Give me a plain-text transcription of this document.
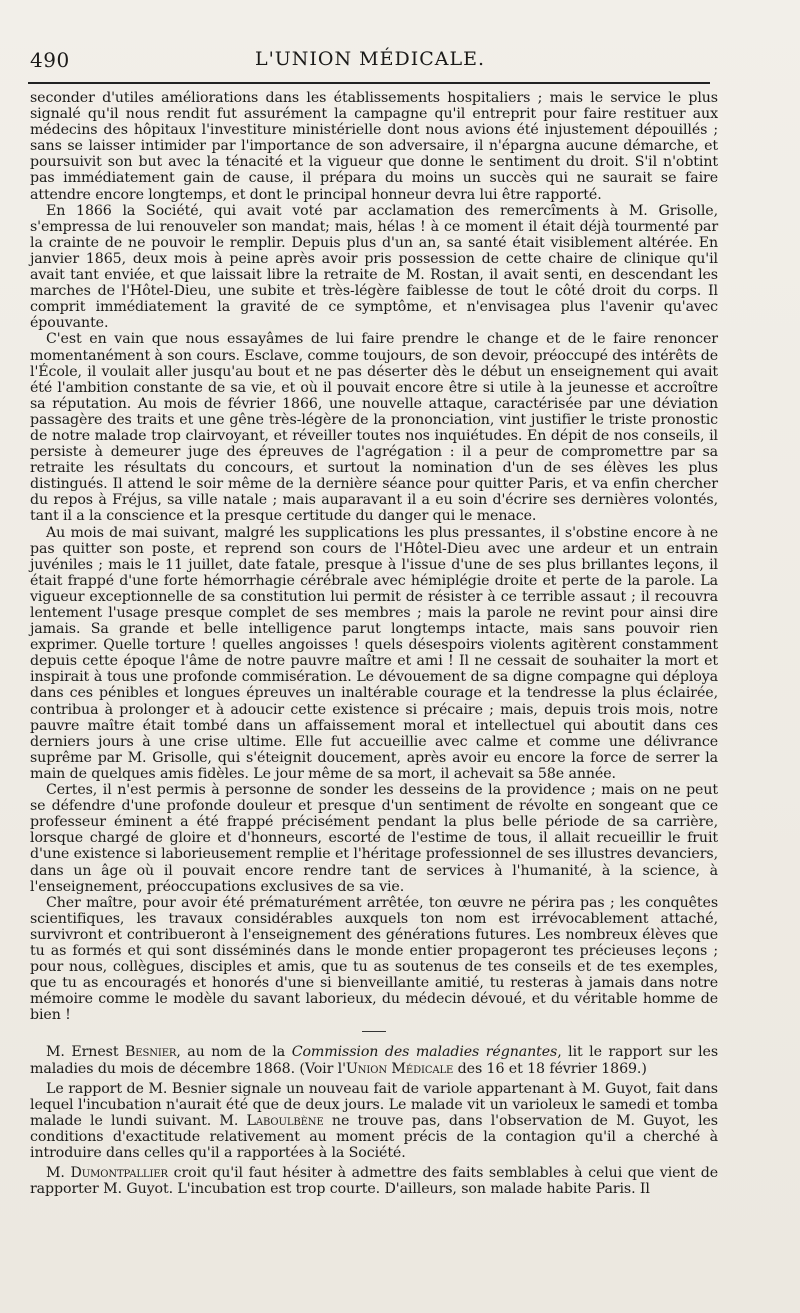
490	L'UNION MÉDICALE.

seconder d'utiles améliorations dans les établissements hospitaliers ; mais le service le plus signalé qu'il nous rendit fut assurément la campagne qu'il entreprit pour faire restituer aux médecins des hôpitaux l'investiture ministérielle dont nous avions été injustement dépouillés ; sans se laisser intimider par l'importance de son adversaire, il n'épargna aucune démarche, et poursuivit son but avec la ténacité et la vigueur que donne le sentiment du droit. S'il n'obtint pas immédiatement gain de cause, il prépara du moins un succès qui ne saurait se faire attendre encore longtemps, et dont le principal honneur devra lui être rapporté.

En 1866 la Société, qui avait voté par acclamation des remercîments à M. Grisolle, s'empressa de lui renouveler son mandat; mais, hélas ! à ce moment il était déjà tourmenté par la crainte de ne pouvoir le remplir. Depuis plus d'un an, sa santé était visiblement altérée. En janvier 1865, deux mois à peine après avoir pris possession de cette chaire de clinique qu'il avait tant enviée, et que laissait libre la retraite de M. Rostan, il avait senti, en descendant les marches de l'Hôtel-Dieu, une subite et très-légère faiblesse de tout le côté droit du corps. Il comprit immédiatement la gravité de ce symptôme, et n'envisagea plus l'avenir qu'avec épouvante.

C'est en vain que nous essayâmes de lui faire prendre le change et de le faire renoncer momentanément à son cours. Esclave, comme toujours, de son devoir, préoccupé des intérêts de l'École, il voulait aller jusqu'au bout et ne pas déserter dès le début un enseignement qui avait été l'ambition constante de sa vie, et où il pouvait encore être si utile à la jeunesse et accroître sa réputation. Au mois de février 1866, une nouvelle attaque, caractérisée par une déviation passagère des traits et une gêne très-légère de la prononciation, vint justifier le triste pronostic de notre malade trop clairvoyant, et réveiller toutes nos inquiétudes. En dépit de nos conseils, il persiste à demeurer juge des épreuves de l'agrégation : il a peur de compromettre par sa retraite les résultats du concours, et surtout la nomination d'un de ses élèves les plus distingués. Il attend le soir même de la dernière séance pour quitter Paris, et va enfin chercher du repos à Fréjus, sa ville natale ; mais auparavant il a eu soin d'écrire ses dernières volontés, tant il a la conscience et la presque certitude du danger qui le menace.

Au mois de mai suivant, malgré les supplications les plus pressantes, il s'obstine encore à ne pas quitter son poste, et reprend son cours de l'Hôtel-Dieu avec une ardeur et un entrain juvéniles ; mais le 11 juillet, date fatale, presque à l'issue d'une de ses plus brillantes leçons, il était frappé d'une forte hémorrhagie cérébrale avec hémiplégie droite et perte de la parole. La vigueur exceptionnelle de sa constitution lui permit de résister à ce terrible assaut ; il recouvra lentement l'usage presque complet de ses membres ; mais la parole ne revint pour ainsi dire jamais. Sa grande et belle intelligence parut longtemps intacte, mais sans pouvoir rien exprimer. Quelle torture ! quelles angoisses ! quels désespoirs violents agitèrent constamment depuis cette époque l'âme de notre pauvre maître et ami ! Il ne cessait de souhaiter la mort et inspirait à tous une profonde commisération. Le dévouement de sa digne compagne qui déploya dans ces pénibles et longues épreuves un inaltérable courage et la tendresse la plus éclairée, contribua à prolonger et à adoucir cette existence si précaire ; mais, depuis trois mois, notre pauvre maître était tombé dans un affaissement moral et intellectuel qui aboutit dans ces derniers jours à une crise ultime. Elle fut accueillie avec calme et comme une délivrance suprême par M. Grisolle, qui s'éteignit doucement, après avoir eu encore la force de serrer la main de quelques amis fidèles. Le jour même de sa mort, il achevait sa 58e année.

Certes, il n'est permis à personne de sonder les desseins de la providence ; mais on ne peut se défendre d'une profonde douleur et presque d'un sentiment de révolte en songeant que ce professeur éminent a été frappé précisément pendant la plus belle période de sa carrière, lorsque chargé de gloire et d'honneurs, escorté de l'estime de tous, il allait recueillir le fruit d'une existence si laborieusement remplie et l'héritage professionnel de ses illustres devanciers, dans un âge où il pouvait encore rendre tant de services à l'humanité, à la science, à l'enseignement, préoccupations exclusives de sa vie.

Cher maître, pour avoir été prématurément arrêtée, ton œuvre ne périra pas ; les conquêtes scientifiques, les travaux considérables auxquels ton nom est irrévocablement attaché, survivront et contribueront à l'enseignement des générations futures. Les nombreux élèves que tu as formés et qui sont disséminés dans le monde entier propageront tes précieuses leçons ; pour nous, collègues, disciples et amis, que tu as soutenus de tes conseils et de tes exemples, que tu as encouragés et honorés d'une si bienveillante amitié, tu resteras à jamais dans notre mémoire comme le modèle du savant laborieux, du médecin dévoué, et du véritable homme de bien !

M. Ernest Besnier, au nom de la Commission des maladies régnantes, lit le rapport sur les maladies du mois de décembre 1868. (Voir l'Union Médicale des 16 et 18 février 1869.)

Le rapport de M. Besnier signale un nouveau fait de variole appartenant à M. Guyot, fait dans lequel l'incubation n'aurait été que de deux jours. Le malade vit un varioleux le samedi et tomba malade le lundi suivant. M. Laboulbène ne trouve pas, dans l'observation de M. Guyot, les conditions d'exactitude relativement au moment précis de la contagion qu'il a cherché à introduire dans celles qu'il a rapportées à la Société.

M. Dumontpallier croit qu'il faut hésiter à admettre des faits semblables à celui que vient de rapporter M. Guyot. L'incubation est trop courte. D'ailleurs, son malade habite Paris. Il
